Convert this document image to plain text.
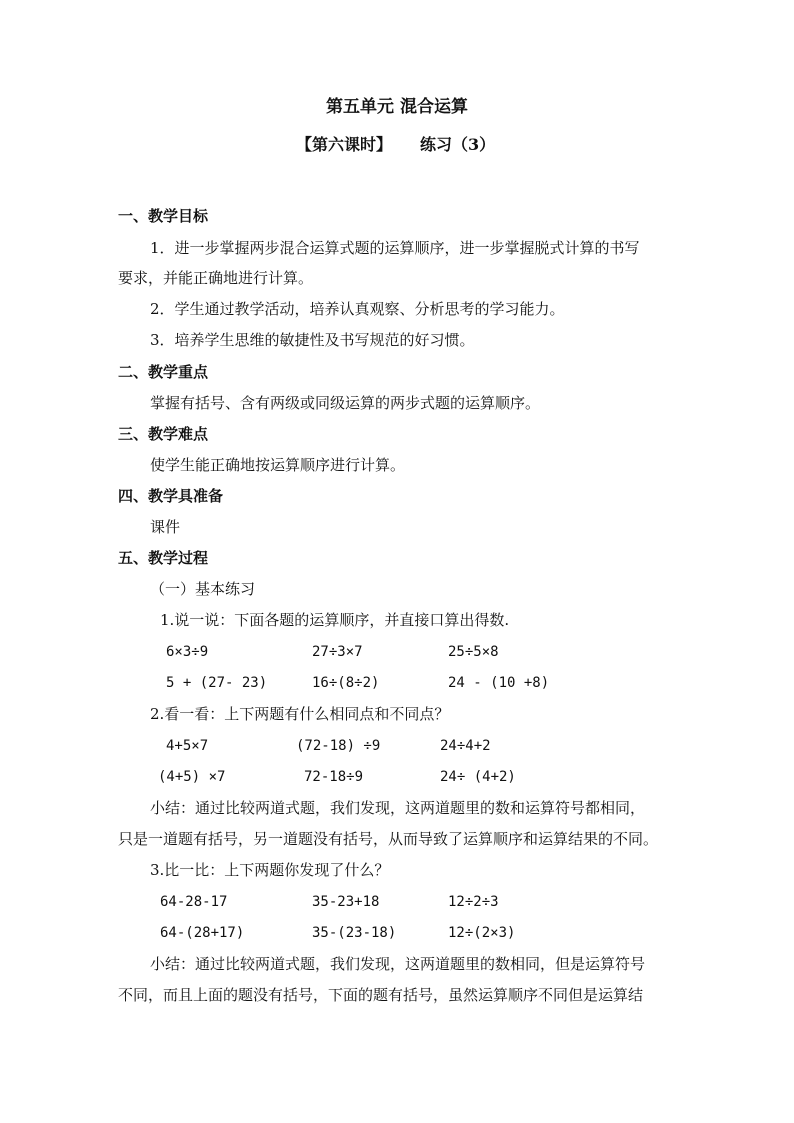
第五单元 混合运算
【第六课时】 练习（3）
一、教学目标
1．进一步掌握两步混合运算式题的运算顺序，进一步掌握脱式计算的书写
要求，并能正确地进行计算。
2．学生通过教学活动，培养认真观察、分析思考的学习能力。
3．培养学生思维的敏捷性及书写规范的好习惯。
二、教学重点
掌握有括号、含有两级或同级运算的两步式题的运算顺序。
三、教学难点
使学生能正确地按运算顺序进行计算。
四、教学具准备
课件
五、教学过程
（一）基本练习
1.说一说：下面各题的运算顺序，并直接口算出得数.
6×3÷9	27÷3×7	25÷5×8
5 + (27- 23)	16÷(8÷2)	24 - (10 +8)
2.看一看：上下两题有什么相同点和不同点？
4+5×7	(72-18) ÷9	24÷4+2
(4+5) ×7	72-18÷9	24÷ (4+2)
小结：通过比较两道式题，我们发现，这两道题里的数和运算符号都相同，
只是一道题有括号，另一道题没有括号，从而导致了运算顺序和运算结果的不同。
3.比一比：上下两题你发现了什么？
64-28-17	35-23+18	12÷2÷3
64-(28+17)	35-(23-18)	12÷(2×3)
小结：通过比较两道式题，我们发现，这两道题里的数相同，但是运算符号
不同，而且上面的题没有括号，下面的题有括号，虽然运算顺序不同但是运算结
